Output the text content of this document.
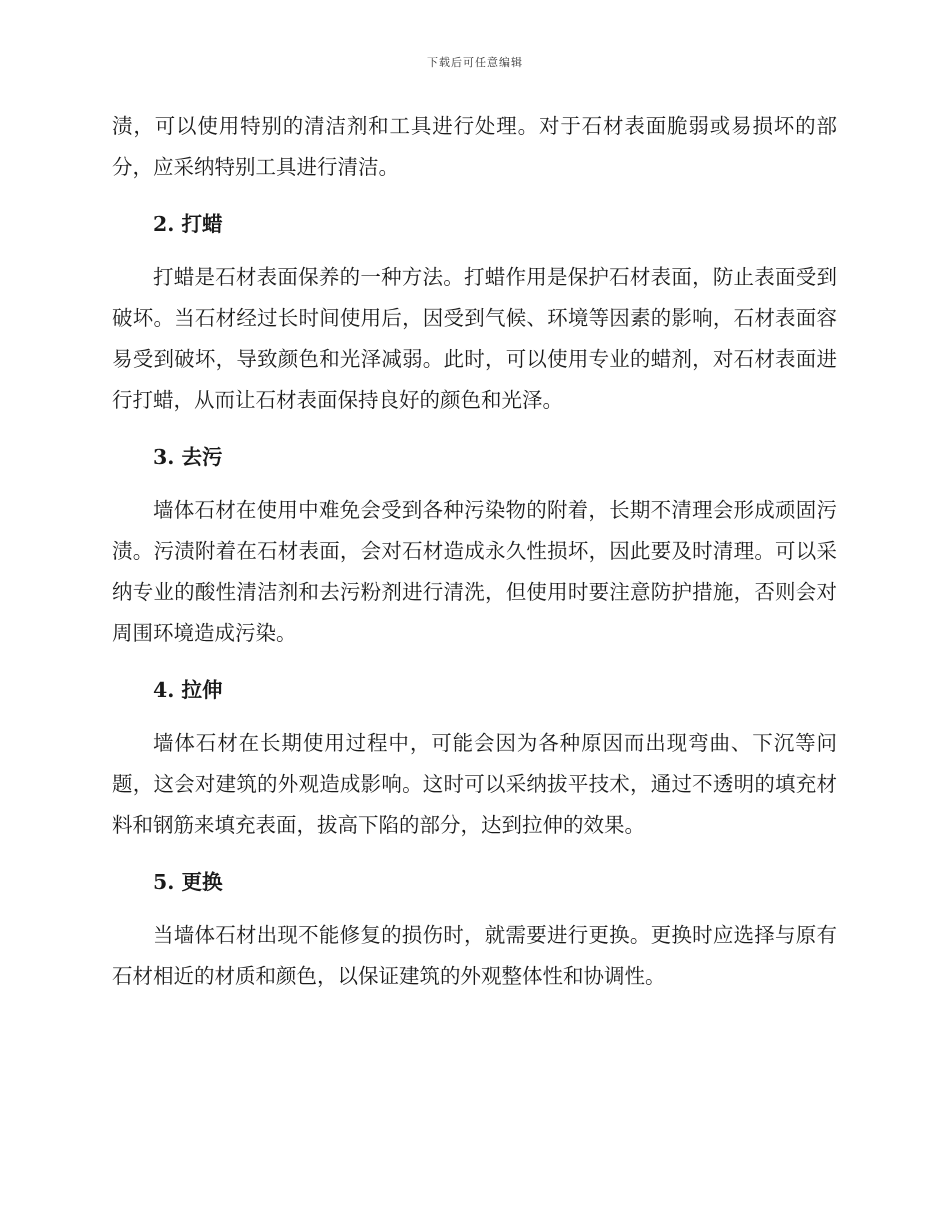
下载后可任意编辑

渍，可以使用特别的清洁剂和工具进行处理。对于石材表面脆弱或易损坏的部分，应采纳特别工具进行清洁。

2. 打蜡

打蜡是石材表面保养的一种方法。打蜡作用是保护石材表面，防止表面受到破坏。当石材经过长时间使用后，因受到气候、环境等因素的影响，石材表面容易受到破坏，导致颜色和光泽减弱。此时，可以使用专业的蜡剂，对石材表面进行打蜡，从而让石材表面保持良好的颜色和光泽。

3. 去污

墙体石材在使用中难免会受到各种污染物的附着，长期不清理会形成顽固污渍。污渍附着在石材表面，会对石材造成永久性损坏，因此要及时清理。可以采纳专业的酸性清洁剂和去污粉剂进行清洗，但使用时要注意防护措施，否则会对周围环境造成污染。

4. 拉伸

墙体石材在长期使用过程中，可能会因为各种原因而出现弯曲、下沉等问题，这会对建筑的外观造成影响。这时可以采纳拔平技术，通过不透明的填充材料和钢筋来填充表面，拔高下陷的部分，达到拉伸的效果。

5. 更换

当墙体石材出现不能修复的损伤时，就需要进行更换。更换时应选择与原有石材相近的材质和颜色，以保证建筑的外观整体性和协调性。
